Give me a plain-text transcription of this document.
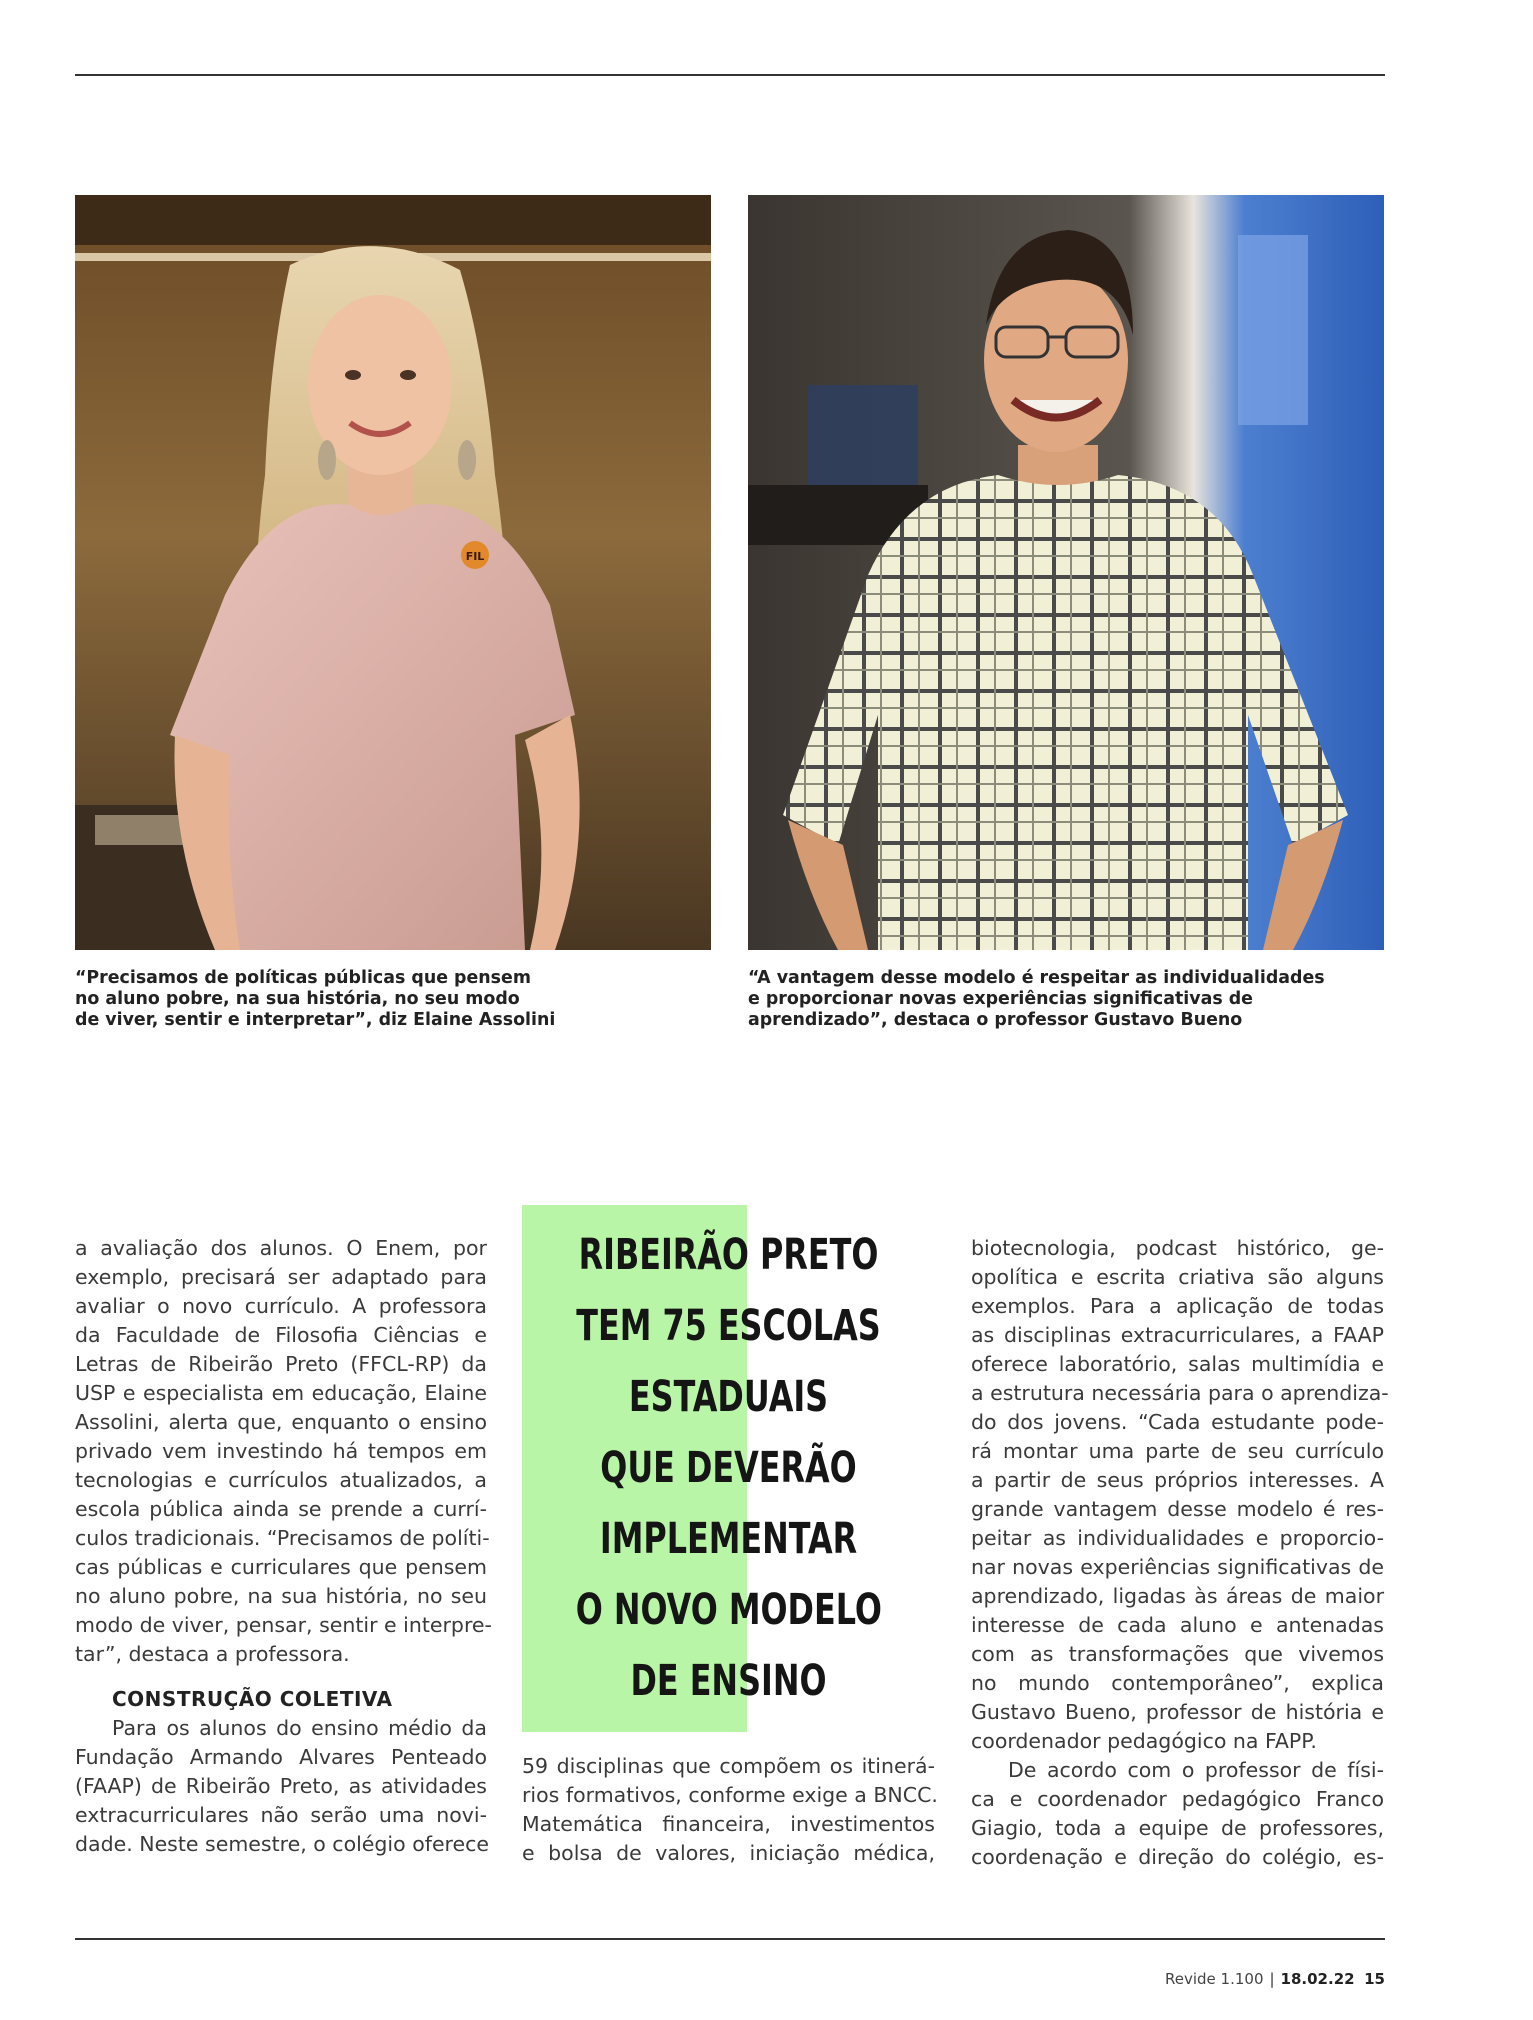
FIL
“Precisamos de políticas públicas que pensem
no aluno pobre, na sua história, no seu modo
de viver, sentir e interpretar”, diz Elaine Assolini
“A vantagem desse modelo é respeitar as individualidades
e proporcionar novas experiências significativas de
aprendizado”, destaca o professor Gustavo Bueno
a avaliação dos alunos. O Enem, por
exemplo, precisará ser adaptado para
avaliar o novo currículo. A professora
da Faculdade de Filosofia Ciências e
Letras de Ribeirão Preto (FFCL-RP) da
USP e especialista em educação, Elaine
Assolini, alerta que, enquanto o ensino
privado vem investindo há tempos em
tecnologias e currículos atualizados, a
escola pública ainda se prende a currí-
culos tradicionais. “Precisamos de políti-
cas públicas e curriculares que pensem
no aluno pobre, na sua história, no seu
modo de viver, pensar, sentir e interpre-
tar”, destaca a professora.
CONSTRUÇÃO COLETIVA
Para os alunos do ensino médio da
Fundação Armando Alvares Penteado
(FAAP) de Ribeirão Preto, as atividades
extracurriculares não serão uma novi-
dade. Neste semestre, o colégio oferece
RIBEIRÃO PRETO
TEM 75 ESCOLAS
ESTADUAIS
QUE DEVERÃO
IMPLEMENTAR
O NOVO MODELO
DE ENSINO
59 disciplinas que compõem os itinerá-
rios formativos, conforme exige a BNCC.
Matemática financeira, investimentos
e bolsa de valores, iniciação médica,
biotecnologia, podcast histórico, ge-
opolítica e escrita criativa são alguns
exemplos. Para a aplicação de todas
as disciplinas extracurriculares, a FAAP
oferece laboratório, salas multimídia e
a estrutura necessária para o aprendiza-
do dos jovens. “Cada estudante pode-
rá montar uma parte de seu currículo
a partir de seus próprios interesses. A
grande vantagem desse modelo é res-
peitar as individualidades e proporcio-
nar novas experiências significativas de
aprendizado, ligadas às áreas de maior
interesse de cada aluno e antenadas
com as transformações que vivemos
no mundo contemporâneo”, explica
Gustavo Bueno, professor de história e
coordenador pedagógico na FAPP.
De acordo com o professor de físi-
ca e coordenador pedagógico Franco
Giagio, toda a equipe de professores,
coordenação e direção do colégio, es-
Revide 1.100 | 18.02.22 15
